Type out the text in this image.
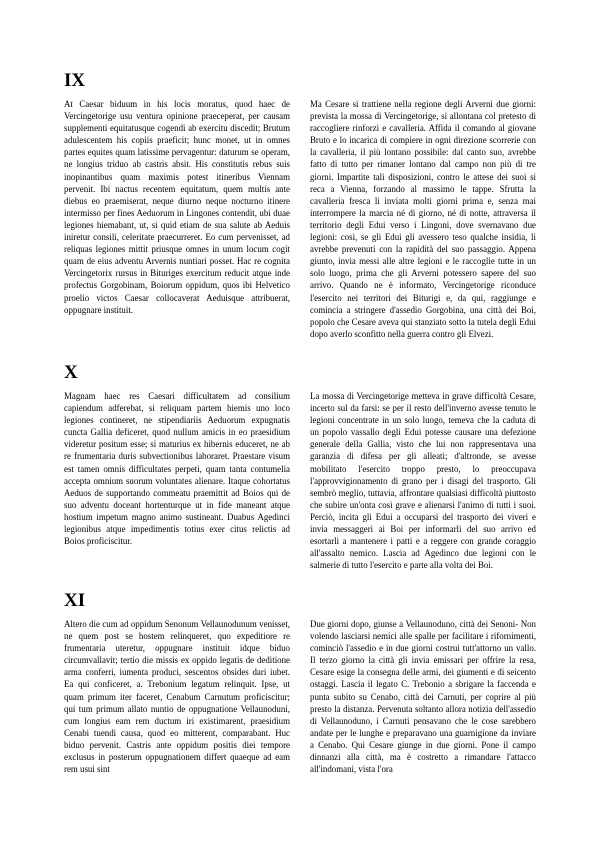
IX
At Caesar biduum in his locis moratus, quod haec de Vercingetorige usu ventura opinione praeceperat, per causam supplementi equitatusque cogendi ab exercitu discedit; Brutum adulescentem his copiis praeficit; hunc monet, ut in omnes partes equites quam latissime pervagentur: daturum se operam, ne longius triduo ab castris absit. His constitutis rebus suis inopinantibus quam maximis potest itineribus Viennam pervenit. Ibi nactus recentem equitatum, quem multis ante diebus eo praemiserat, neque diurno neque nocturno itinere intermisso per fines Aeduorum in Lingones contendit, ubi duae legiones hiemabant, ut, si quid etiam de sua salute ab Aeduis iniretur consili, celeritate praecurreret. Eo cum pervenisset, ad reliquas legiones mittit priusque omnes in unum locum cogit quam de eius adventu Arvernis nuntiari posset. Hac re cognita Vercingetorix rursus in Bituriges exercitum reducit atque inde profectus Gorgobinam, Boiorum oppidum, quos ibi Helvetico proelio victos Caesar collocaverat Aeduisque attribuerat, oppugnare instituit.
Ma Cesare si trattiene nella regione degli Arverni due giorni: prevista la mossa di Vercingetorige, si allontana col pretesto di raccogliere rinforzi e cavalleria. Affida il comando al giovane Bruto e lo incarica di compiere in ogni direzione scorrerie con la cavalleria, il più lontano possibile: dal canto suo, avrebbe fatto di tutto per rimaner lontano dal campo non più di tre giorni. Impartite tali disposizioni, contro le attese dei suoi si reca a Vienna, forzando al massimo le tappe. Sfrutta la cavalleria fresca lì inviata molti giorni prima e, senza mai interrompere la marcia né di giorno, né di notte, attraversa il territorio degli Edui verso i Lingoni, dove svernavano due legioni: così, se gli Edui gli avessero teso qualche insidia, li avrebbe prevenuti con la rapidità del suo passaggio. Appena giunto, invia messi alle altre legioni e le raccoglie tutte in un solo luogo, prima che gli Arverni potessero sapere del suo arrivo. Quando ne è informato, Vercingetorige riconduce l'esercito nei territori dei Biturigi e, da qui, raggiunge e comincia a stringere d'assedio Gorgobina, una città dei Boi, popolo che Cesare aveva qui stanziato sotto la tutela degli Edui dopo averlo sconfitto nella guerra contro gli Elvezi.
X
Magnam haec res Caesari difficultatem ad consilium capiendum adferebat, si reliquam partem hiemis uno loco legiones contineret, ne stipendiariis Aeduorum expugnatis cuncta Gallia deficeret, quod nullum amicis in eo praesidium videretur positum esse; si maturius ex hibernis educeret, ne ab re frumentaria duris subvectionibus laboraret. Praestare visum est tamen omnis difficultates perpeti, quam tanta contumelia accepta omnium suorum voluntates alienare. Itaque cohortatus Aeduos de supportando commeatu praemittit ad Boios qui de suo adventu doceant hortenturque ut in fide maneant atque hostium impetum magno animo sustineant. Duabus Agedinci legionibus atque impedimentis totius exer citus relictis ad Boios proficiscitur.
La mossa di Vercingetorige metteva in grave difficoltà Cesare, incerto sul da farsi: se per il resto dell'inverno avesse tenuto le legioni concentrate in un solo luogo, temeva che la caduta di un popolo vassallo degli Edui potesse causare una defezione generale della Gallia, visto che lui non rappresentava una garanzia di difesa per gli alleati; d'altronde, se avesse mobilitato l'esercito troppo presto, lo preoccupava l'approvvigionamento di grano per i disagi del trasporto. Gli sembrò meglio, tuttavia, affrontare qualsiasi difficoltà piuttosto che subire un'onta così grave e alienarsi l'animo di tutti i suoi. Perciò, incita gli Edui a occuparsi del trasporto dei viveri e invia messaggeri ai Boi per informarli del suo arrivo ed esortarli a mantenere i patti e a reggere con grande coraggio all'assalto nemico. Lascia ad Agedinco due legioni con le salmerie di tutto l'esercito e parte alla volta dei Boi.
XI
Altero die cum ad oppidum Senonum Vellaunodunum venisset, ne quem post se hostem relinqueret, quo expeditiore re frumentaria uteretur, oppugnare instituit idque biduo circumvallavit; tertio die missis ex oppido legatis de deditione arma conferri, iumenta produci, sescentos obsides dari iubet. Ea qui conficeret, a. Trebonium legatum relinquit. Ipse, ut quam primum iter faceret, Cenabum Carnutum proficiscitur; qui tum primum allato nuntio de oppugnatione Vellaunoduni, cum longius eam rem ductum iri existimarent, praesidium Cenabi tuendi causa, quod eo mitterent, comparabant. Huc biduo pervenit. Castris ante oppidum positis diei tempore exclusus in posterum oppugnationem differt quaeque ad eam rem usui sint
Due giorni dopo, giunse a Vellaunoduno, città dei Senoni- Non volendo lasciarsi nemici alle spalle per facilitare i rifornimenti, cominciò l'assedio e in due giorni costruì tutt'attorno un vallo. Il terzo giorno la città gli invia emissari per offrire la resa, Cesare esige la consegna delle armi, dei giumenti e di seicento ostaggi. Lascia il legato C. Trebonio a sbrigare la faccenda e punta subito su Cenabo, città dei Carnuti, per coprire al più presto la distanza. Pervenuta soltanto allora notizia dell'assedio di Vellaunoduno, i Carnuti pensavano che le cose sarebbero andate per le lunghe e preparavano una guarnigione da inviare a Cenabo. Qui Cesare giunge in due giorni. Pone il campo dinnanzi alla città, ma è costretto a rimandare l'attacco all'indomani, vista l'ora
